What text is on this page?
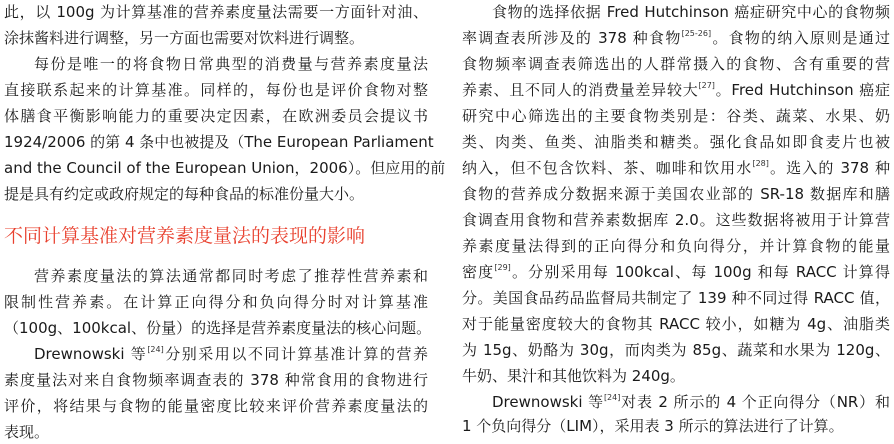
此，以 100g 为计算基准的营养素度量法需要一方面针对油、
涂抹酱料进行调整，另一方面也需要对饮料进行调整。
每份是唯一的将食物日常典型的消费量与营养素度量法
直接联系起来的计算基准。同样的，每份也是评价食物对整
体膳食平衡影响能力的重要决定因素，在欧洲委员会提议书
1924/2006 的第 4 条中也被提及（The European Parliament
and the Council of the European Union，2006）。但应用的前
提是具有约定或政府规定的每种食品的标准份量大小。
不同计算基准对营养素度量法的表现的影响
营养素度量法的算法通常都同时考虑了推荐性营养素和
限制性营养素。在计算正向得分和负向得分时对计算基准
（100g、100kcal、份量）的选择是营养素度量法的核心问题。
Drewnowski 等[24]分别采用以不同计算基准计算的营养
素度量法对来自食物频率调查表的 378 种常食用的食物进行
评价，将结果与食物的能量密度比较来评价营养素度量法的
表现。
食物的选择依据 Fred Hutchinson 癌症研究中心的食物频
率调查表所涉及的 378 种食物[25-26]。食物的纳入原则是通过
食物频率调查表筛选出的人群常摄入的食物、含有重要的营
养素、且不同人的消费量差异较大[27]。Fred Hutchinson 癌症
研究中心筛选出的主要食物类别是：谷类、蔬菜、水果、奶
类、肉类、鱼类、油脂类和糖类。强化食品如即食麦片也被
纳入，但不包含饮料、茶、咖啡和饮用水[28]。选入的 378 种
食物的营养成分数据来源于美国农业部的 SR-18 数据库和膳
食调查用食物和营养素数据库 2.0。这些数据将被用于计算营
养素度量法得到的正向得分和负向得分，并计算食物的能量
密度[29]。分别采用每 100kcal、每 100g 和每 RACC 计算得
分。美国食品药品监督局共制定了 139 种不同过得 RACC 值，
对于能量密度较大的食物其 RACC 较小，如糖为 4g、油脂类
为 15g、奶酪为 30g，而肉类为 85g、蔬菜和水果为 120g、
牛奶、果汁和其他饮料为 240g。
Drewnowski 等[24]对表 2 所示的 4 个正向得分（NR）和
1 个负向得分（LIM），采用表 3 所示的算法进行了计算。
